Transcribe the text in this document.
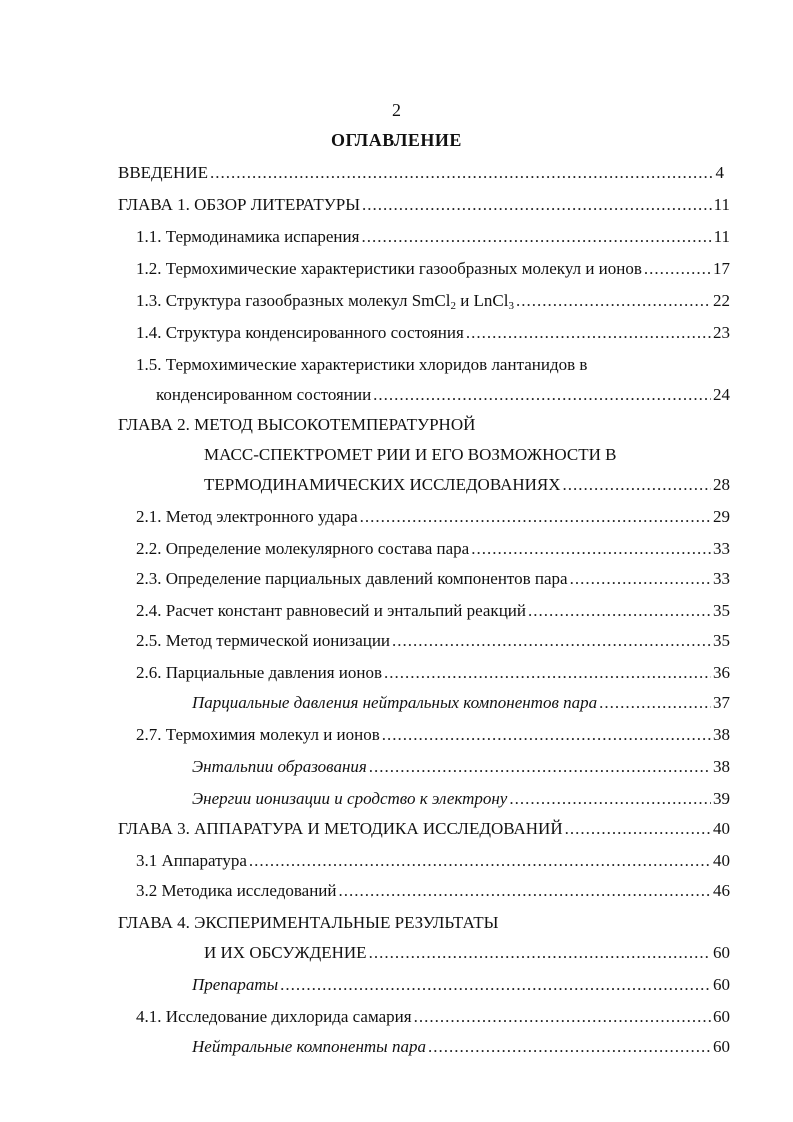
2
ОГЛАВЛЕНИЕ
ВВЕДЕНИЕ .....	4
ГЛАВА 1. ОБЗОР ЛИТЕРАТУРЫ .....	11
1.1. Термодинамика испарения .....	11
1.2. Термохимические характеристики газообразных молекул и ионов .....	17
1.3. Структура газообразных молекул SmCl$_2$ и LnCl$_3$ .....	22
1.4. Структура конденсированного состояния .....	23
1.5. Термохимические характеристики хлоридов лантанидов в
конденсированном состоянии .....	24
ГЛАВА 2. МЕТОД ВЫСОКОТЕМПЕРАТУРНОЙ
МАСС-СПЕКТРОМЕТ РИИ И ЕГО ВОЗМОЖНОСТИ В
ТЕРМОДИНАМИЧЕСКИХ ИССЛЕДОВАНИЯХ .....	28
2.1. Метод электронного удара .....	29
2.2. Определение молекулярного состава пара .....	33
2.3. Определение парциальных давлений компонентов пара .....	33
2.4. Расчет констант равновесий и энтальпий реакций .....	35
2.5. Метод термической ионизации .....	35
2.6. Парциальные давления ионов .....	36
Парциальные давления нейтральных компонентов пара .....	37
2.7. Термохимия молекул и ионов .....	38
Энтальпии образования .....	38
Энергии ионизации и сродство к электрону .....	39
ГЛАВА 3. АППАРАТУРА И МЕТОДИКА ИССЛЕДОВАНИЙ .....	40
3.1 Аппаратура .....	40
3.2 Методика исследований .....	46
ГЛАВА 4. ЭКСПЕРИМЕНТАЛЬНЫЕ РЕЗУЛЬТАТЫ
И ИХ ОБСУЖДЕНИЕ .....	60
Препараты .....	60
4.1. Исследование дихлорида самария .....	60
Нейтральные компоненты пара .....	60
